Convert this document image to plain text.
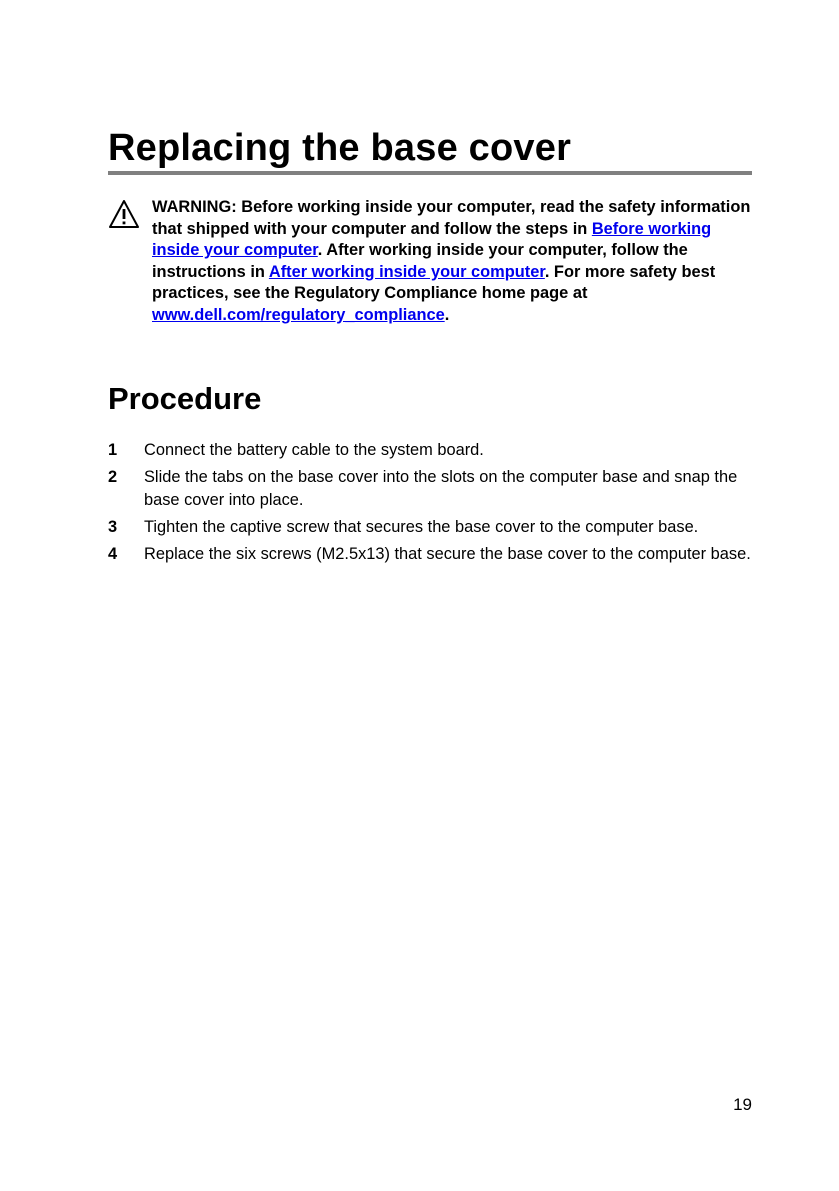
Replacing the base cover
WARNING: Before working inside your computer, read the safety information that shipped with your computer and follow the steps in Before working inside your computer. After working inside your computer, follow the instructions in After working inside your computer. For more safety best practices, see the Regulatory Compliance home page at www.dell.com/regulatory_compliance.
Procedure
1 Connect the battery cable to the system board.
2 Slide the tabs on the base cover into the slots on the computer base and snap the base cover into place.
3 Tighten the captive screw that secures the base cover to the computer base.
4 Replace the six screws (M2.5x13) that secure the base cover to the computer base.
19
